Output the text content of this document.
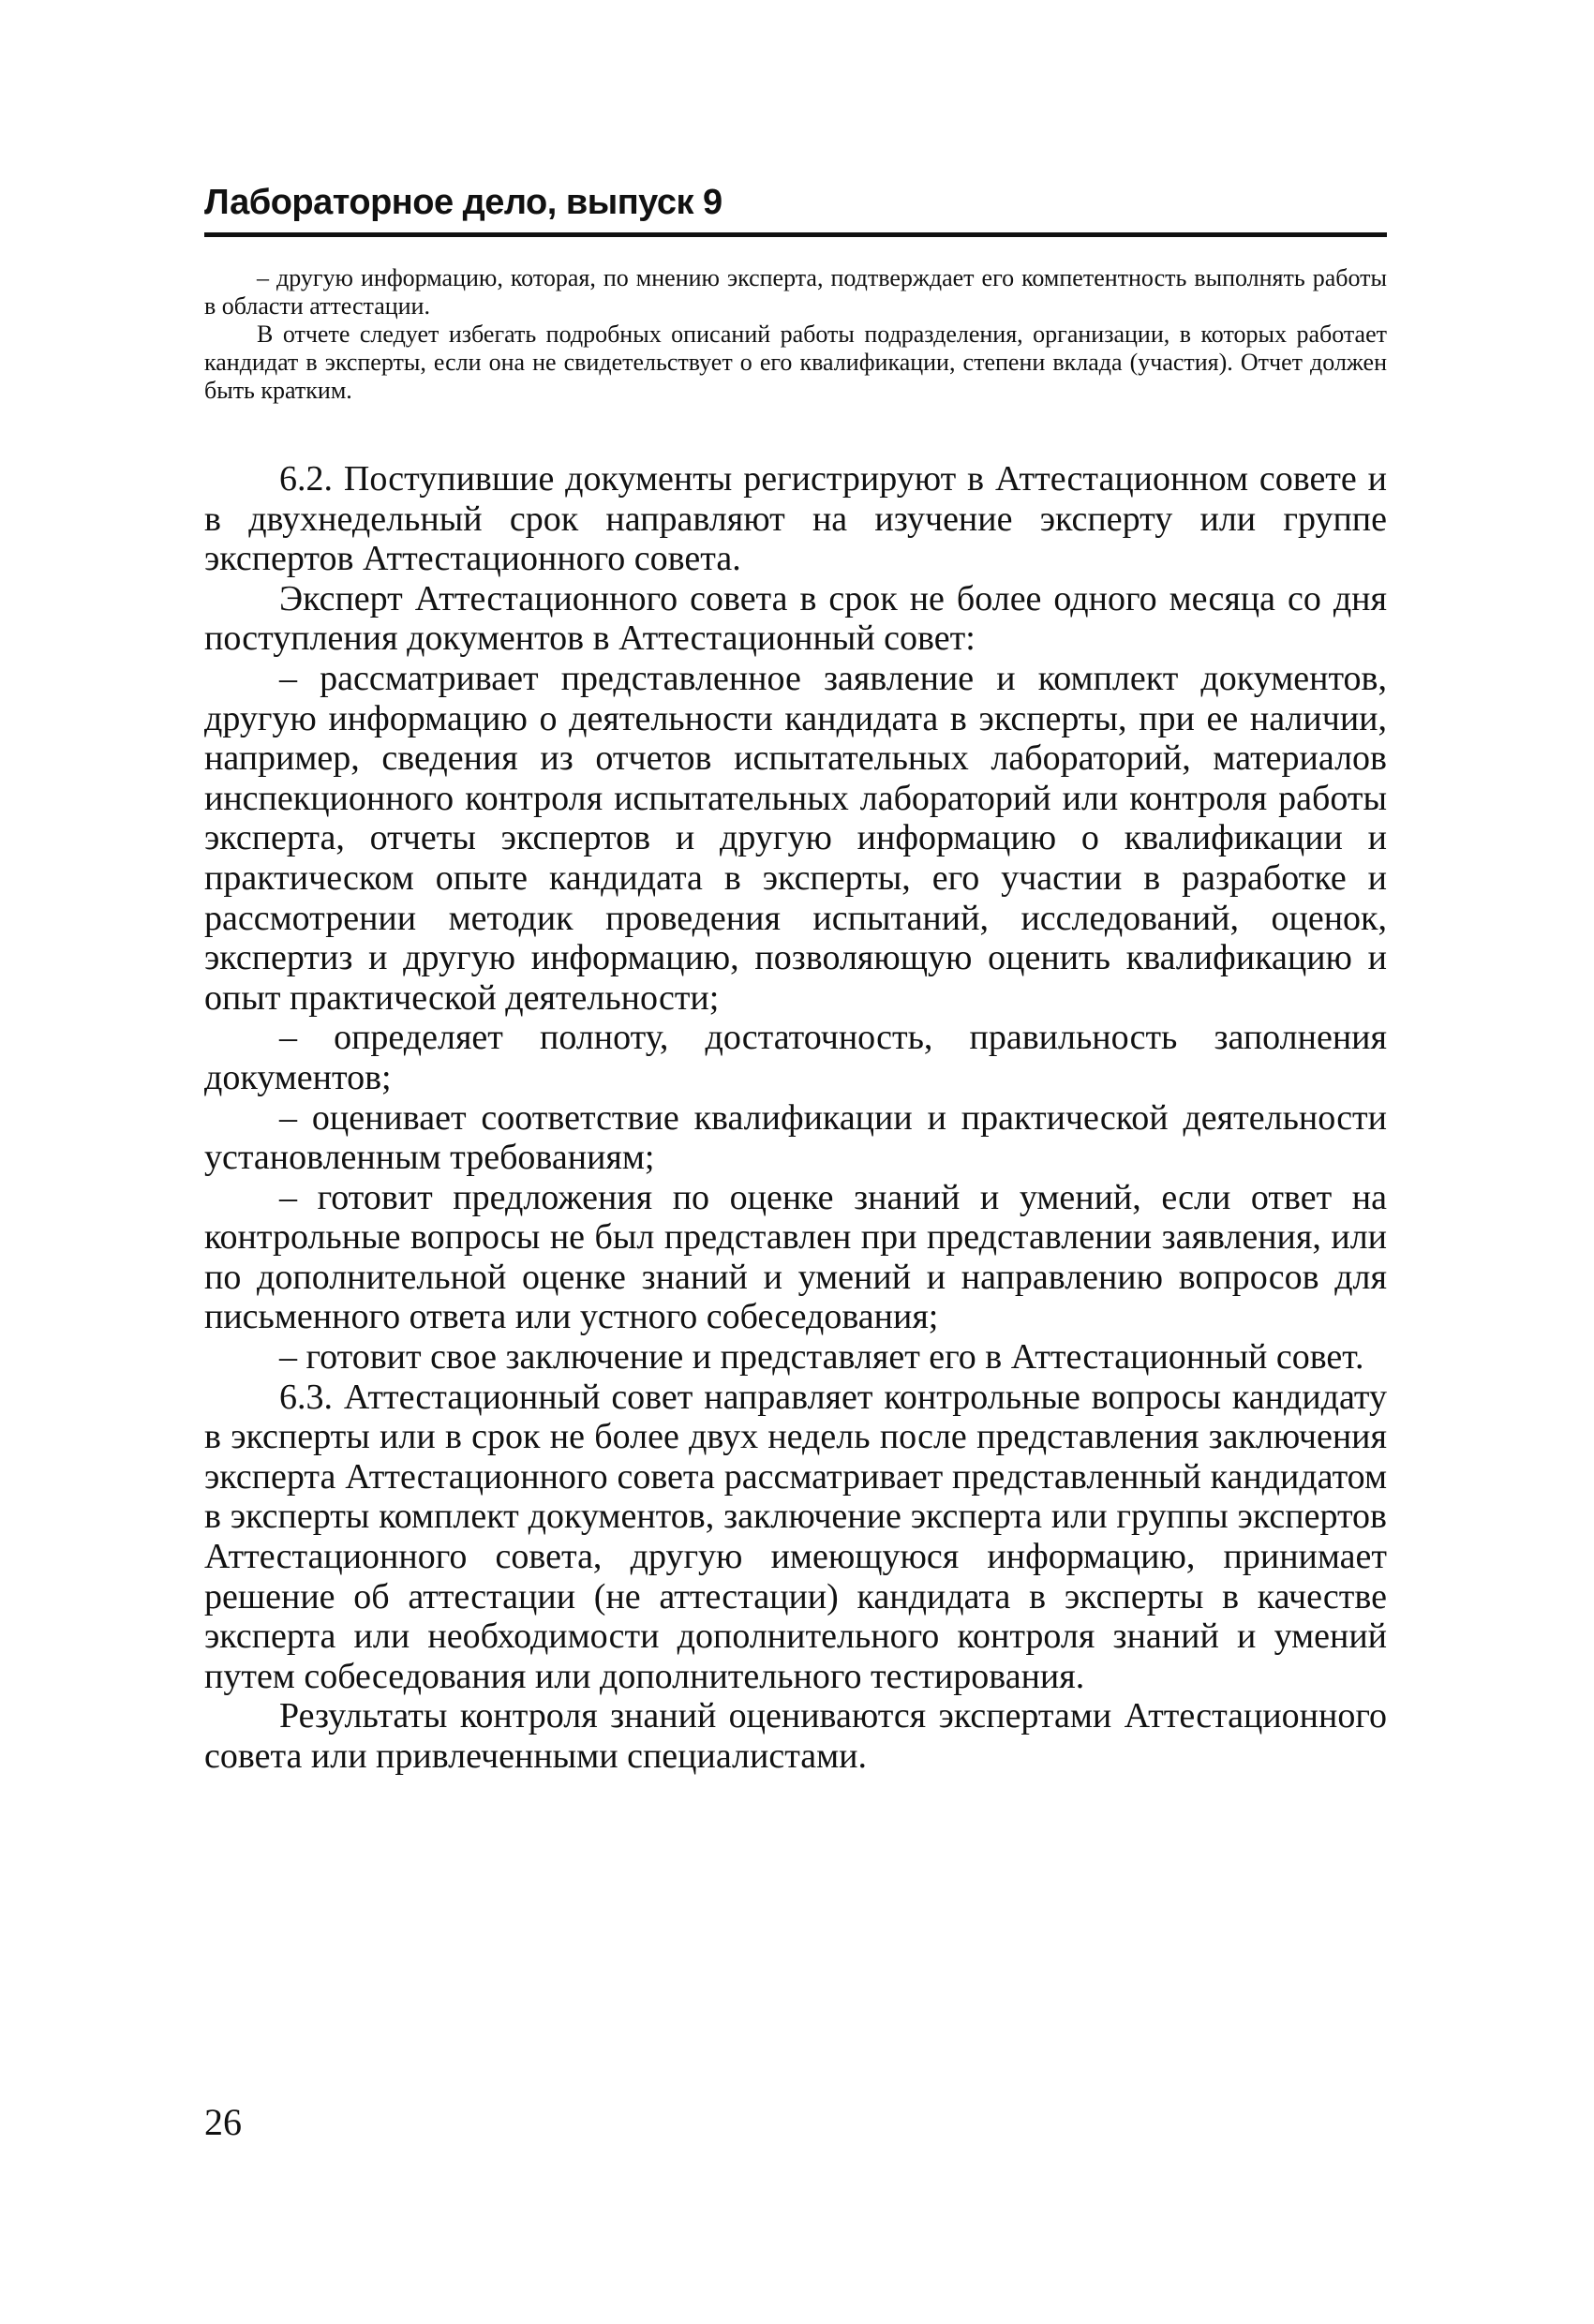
Лабораторное дело, выпуск 9

– другую информацию, которая, по мнению эксперта, подтверждает его компетентность выполнять работы в области аттестации.

В отчете следует избегать подробных описаний работы подразделения, организации, в которых работает кандидат в эксперты, если она не свидетельствует о его квалификации, степени вклада (участия). Отчет должен быть кратким.

6.2. Поступившие документы регистрируют в Аттестационном совете и в двухнедельный срок направляют на изучение эксперту или группе экспертов Аттестационного совета.

Эксперт Аттестационного совета в срок не более одного месяца со дня поступления документов в Аттестационный совет:

– рассматривает представленное заявление и комплект документов, другую информацию о деятельности кандидата в эксперты, при ее наличии, например, сведения из отчетов испытательных лабораторий, материалов инспекционного контроля испытательных лабораторий или контроля работы эксперта, отчеты экспертов и другую информацию о квалификации и практическом опыте кандидата в эксперты, его участии в разработке и рассмотрении методик проведения испытаний, исследований, оценок, экспертиз и другую информацию, позволяющую оценить квалификацию и опыт практической деятельности;

– определяет полноту, достаточность, правильность заполнения документов;

– оценивает соответствие квалификации и практической деятельности установленным требованиям;

– готовит предложения по оценке знаний и умений, если ответ на контрольные вопросы не был представлен при представлении заявления, или по дополнительной оценке знаний и умений и направлению вопросов для письменного ответа или устного собеседования;

– готовит свое заключение и представляет его в Аттестационный совет.

6.3. Аттестационный совет направляет контрольные вопросы кандидату в эксперты или в срок не более двух недель после представления заключения эксперта Аттестационного совета рассматривает представленный кандидатом в эксперты комплект документов, заключение эксперта или группы экспертов Аттестационного совета, другую имеющуюся информацию, принимает решение об аттестации (не аттестации) кандидата в эксперты в качестве эксперта или необходимости дополнительного контроля знаний и умений путем собеседования или дополнительного тестирования.

Результаты контроля знаний оцениваются экспертами Аттестационного совета или привлеченными специалистами.

26
